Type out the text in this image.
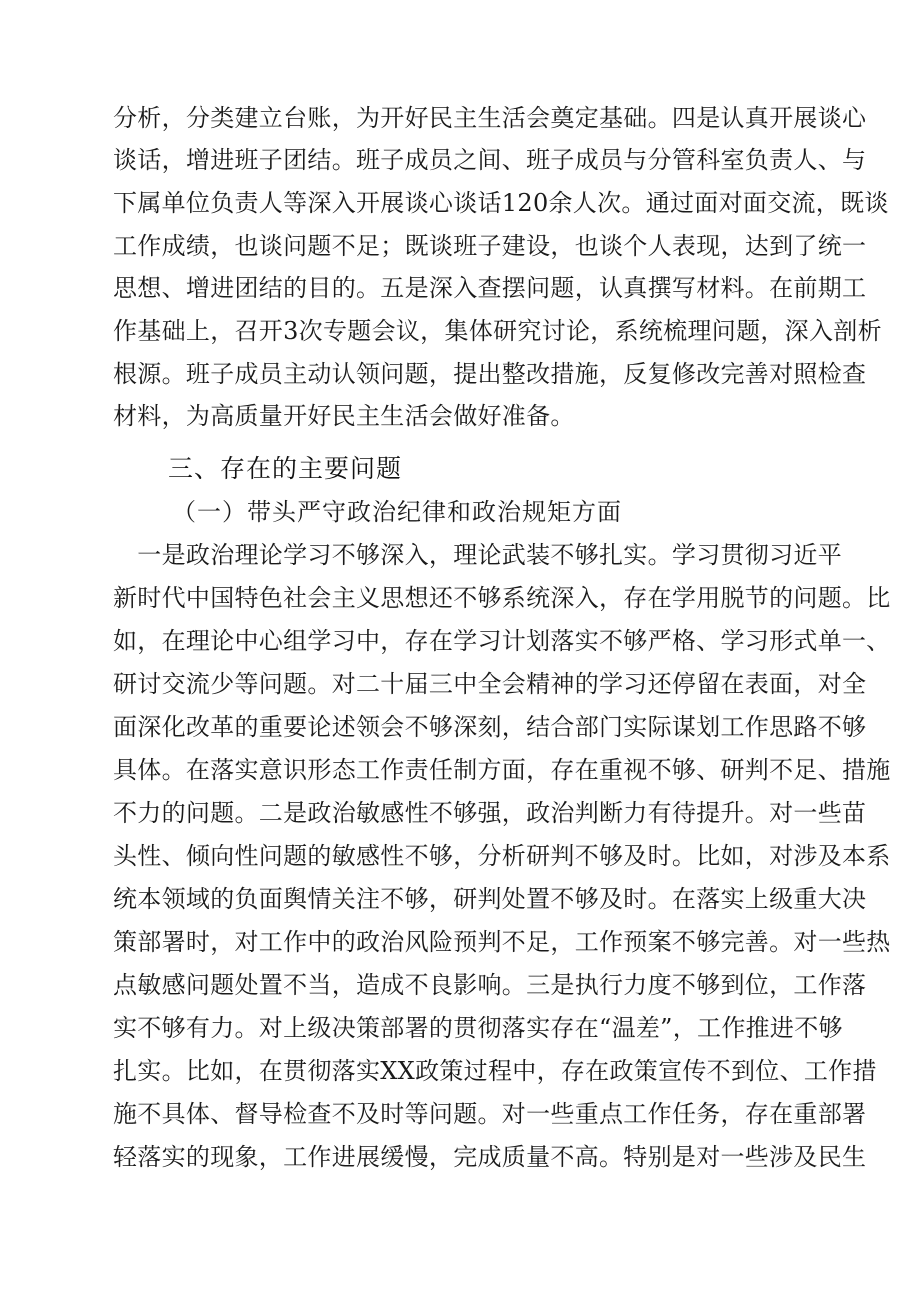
分析，分类建立台账，为开好民主生活会奠定基础。四是认真开展谈心
谈话，增进班子团结。班子成员之间、班子成员与分管科室负责人、与
下属单位负责人等深入开展谈心谈话120余人次。通过面对面交流，既谈
工作成绩，也谈问题不足；既谈班子建设，也谈个人表现，达到了统一
思想、增进团结的目的。五是深入查摆问题，认真撰写材料。在前期工
作基础上，召开3次专题会议，集体研究讨论，系统梳理问题，深入剖析
根源。班子成员主动认领问题，提出整改措施，反复修改完善对照检查
材料，为高质量开好民主生活会做好准备。
三、存在的主要问题
（一）带头严守政治纪律和政治规矩方面
　一是政治理论学习不够深入，理论武装不够扎实。学习贯彻习近平
新时代中国特色社会主义思想还不够系统深入，存在学用脱节的问题。比
如，在理论中心组学习中，存在学习计划落实不够严格、学习形式单一、
研讨交流少等问题。对二十届三中全会精神的学习还停留在表面，对全
面深化改革的重要论述领会不够深刻，结合部门实际谋划工作思路不够
具体。在落实意识形态工作责任制方面，存在重视不够、研判不足、措施
不力的问题。二是政治敏感性不够强，政治判断力有待提升。对一些苗
头性、倾向性问题的敏感性不够，分析研判不够及时。比如，对涉及本系
统本领域的负面舆情关注不够，研判处置不够及时。在落实上级重大决
策部署时，对工作中的政治风险预判不足，工作预案不够完善。对一些热
点敏感问题处置不当，造成不良影响。三是执行力度不够到位，工作落
实不够有力。对上级决策部署的贯彻落实存在“温差”，工作推进不够
扎实。比如，在贯彻落实XX政策过程中，存在政策宣传不到位、工作措
施不具体、督导检查不及时等问题。对一些重点工作任务，存在重部署
轻落实的现象，工作进展缓慢，完成质量不高。特别是对一些涉及民生
